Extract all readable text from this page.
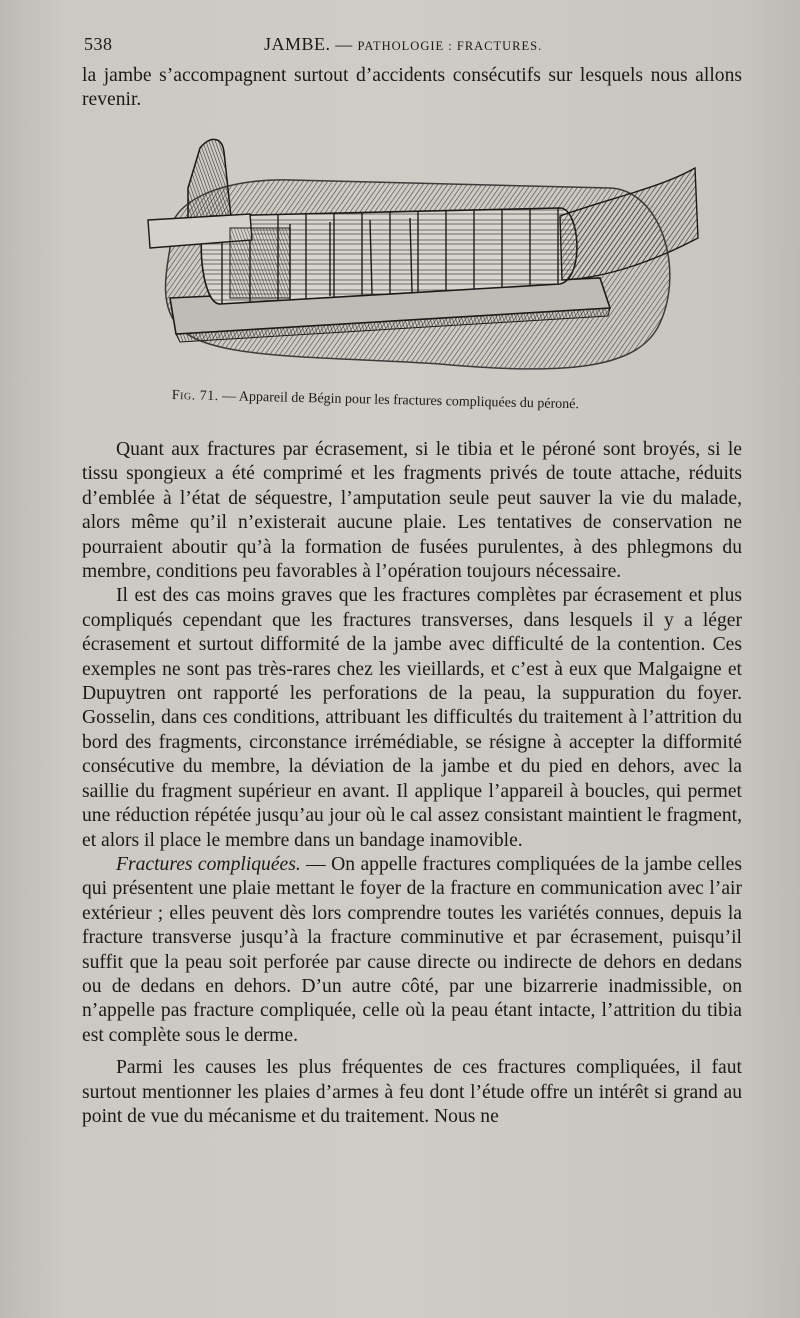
538	JAMBE. — PATHOLOGIE : FRACTURES.

la jambe s’accompagnent surtout d’accidents consécutifs sur lesquels nous allons revenir.

Fig. 71. — Appareil de Bégin pour les fractures compliquées du péroné.

Quant aux fractures par écrasement, si le tibia et le péroné sont broyés, si le tissu spongieux a été comprimé et les fragments privés de toute attache, réduits d’emblée à l’état de séquestre, l’amputation seule peut sauver la vie du malade, alors même qu’il n’existerait aucune plaie. Les tentatives de conservation ne pourraient aboutir qu’à la formation de fusées purulentes, à des phlegmons du membre, conditions peu favorables à l’opération toujours nécessaire.

Il est des cas moins graves que les fractures complètes par écrasement et plus compliqués cependant que les fractures transverses, dans lesquels il y a léger écrasement et surtout difformité de la jambe avec difficulté de la contention. Ces exemples ne sont pas très-rares chez les vieillards, et c’est à eux que Malgaigne et Dupuytren ont rapporté les perforations de la peau, la suppuration du foyer. Gosselin, dans ces conditions, attribuant les difficultés du traitement à l’attrition du bord des fragments, circonstance irrémédiable, se résigne à accepter la difformité consécutive du membre, la déviation de la jambe et du pied en dehors, avec la saillie du fragment supérieur en avant. Il applique l’appareil à boucles, qui permet une réduction répétée jusqu’au jour où le cal assez consistant maintient le fragment, et alors il place le membre dans un bandage inamovible.

Fractures compliquées. — On appelle fractures compliquées de la jambe celles qui présentent une plaie mettant le foyer de la fracture en communication avec l’air extérieur ; elles peuvent dès lors comprendre toutes les variétés connues, depuis la fracture transverse jusqu’à la fracture comminutive et par écrasement, puisqu’il suffit que la peau soit perforée par cause directe ou indirecte de dehors en dedans ou de dedans en dehors. D’un autre côté, par une bizarrerie inadmissible, on n’appelle pas fracture compliquée, celle où la peau étant intacte, l’attrition du tibia est complète sous le derme.

Parmi les causes les plus fréquentes de ces fractures compliquées, il faut surtout mentionner les plaies d’armes à feu dont l’étude offre un intérêt si grand au point de vue du mécanisme et du traitement. Nous ne
